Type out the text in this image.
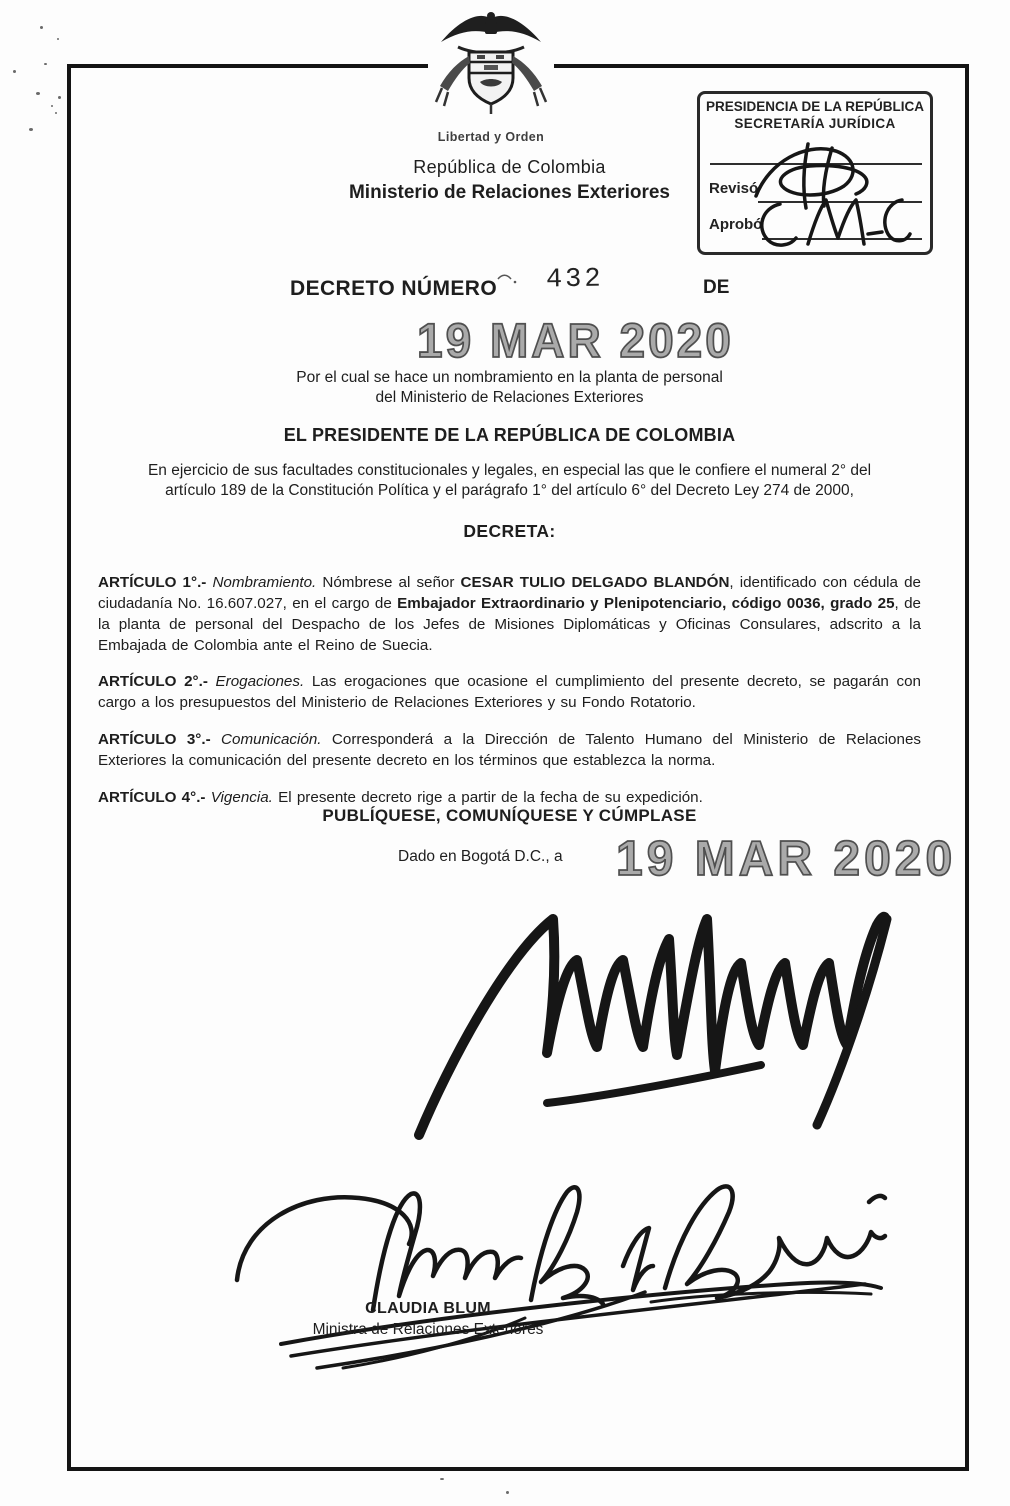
Libertad y Orden
República de Colombia
Ministerio de Relaciones Exteriores
PRESIDENCIA DE LA REPÚBLICA
SECRETARÍA JURÍDICA
Revisó
Aprobó
DECRETO NÚMERO 432	DE
19 MAR 2020
Por el cual se hace un nombramiento en la planta de personal
del Ministerio de Relaciones Exteriores
EL PRESIDENTE DE LA REPÚBLICA DE COLOMBIA
En ejercicio de sus facultades constitucionales y legales, en especial las que le confiere el numeral 2° del
artículo 189 de la Constitución Política y el parágrafo 1° del artículo 6° del Decreto Ley 274 de 2000,
DECRETA:

ARTÍCULO 1°.- Nombramiento. Nómbrese al señor CESAR TULIO DELGADO BLANDÓN, identificado con cédula de ciudadanía No. 16.607.027, en el cargo de Embajador Extraordinario y Plenipotenciario, código 0036, grado 25, de la planta de personal del Despacho de los Jefes de Misiones Diplomáticas y Oficinas Consulares, adscrito a la Embajada de Colombia ante el Reino de Suecia.

ARTÍCULO 2°.- Erogaciones. Las erogaciones que ocasione el cumplimiento del presente decreto, se pagarán con cargo a los presupuestos del Ministerio de Relaciones Exteriores y su Fondo Rotatorio.

ARTÍCULO 3°.- Comunicación. Corresponderá a la Dirección de Talento Humano del Ministerio de Relaciones Exteriores la comunicación del presente decreto en los términos que establezca la norma.

ARTÍCULO 4°.- Vigencia. El presente decreto rige a partir de la fecha de su expedición.

PUBLÍQUESE, COMUNÍQUESE Y CÚMPLASE
Dado en Bogotá D.C., a 19 MAR 2020
CLAUDIA BLUM
Ministra de Relaciones Exteriores
